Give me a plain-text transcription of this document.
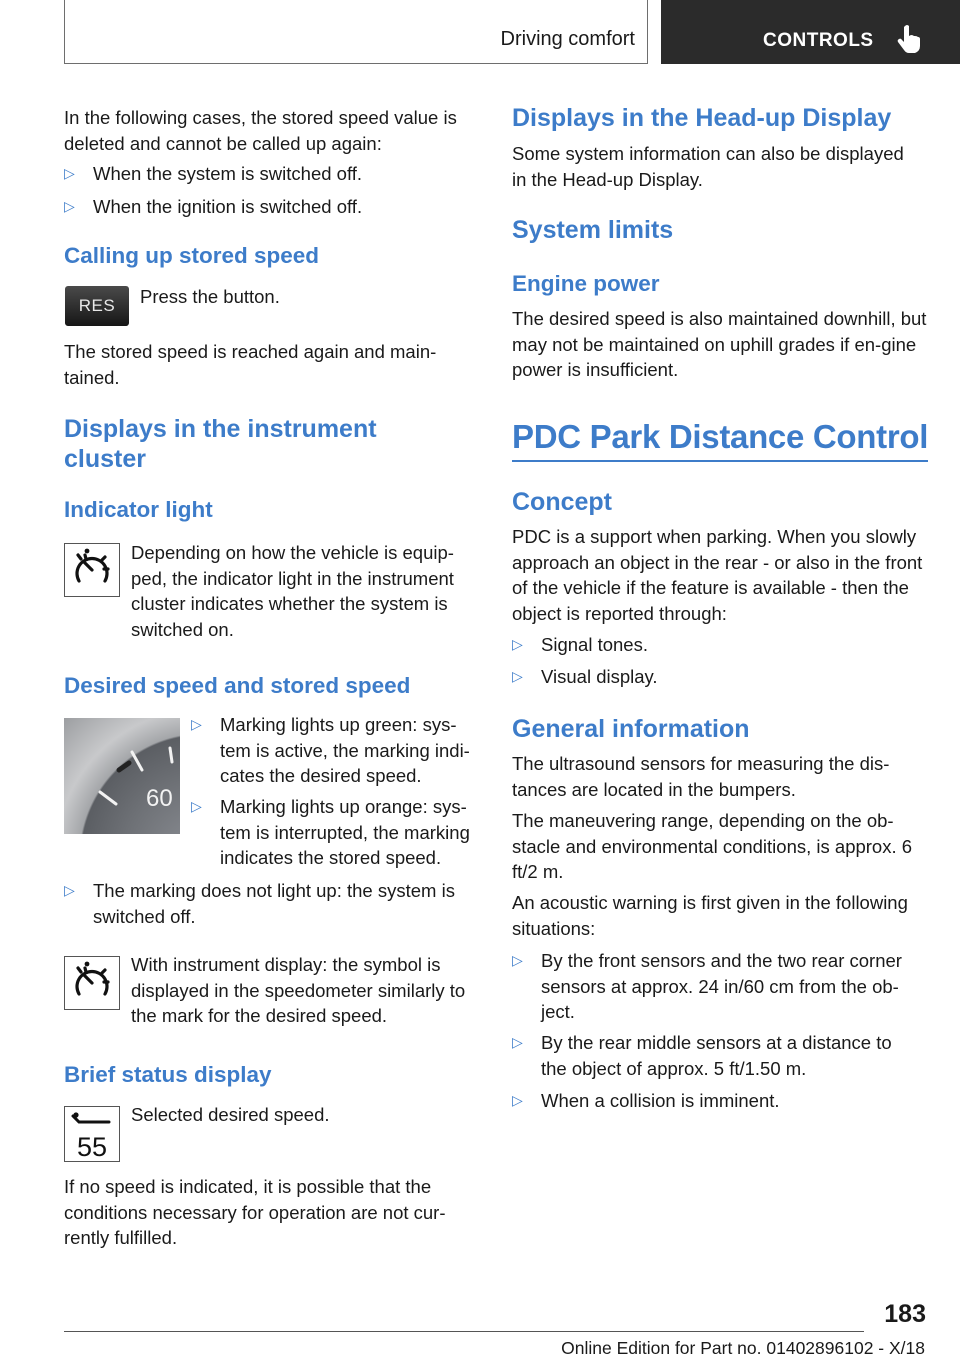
Driving comfort	CONTROLS

In the following cases, the stored speed value is deleted and cannot be called up again:

▷ When the system is switched off.
▷ When the ignition is switched off.
Calling up stored speed
RES	Press the button.

The stored speed is reached again and main-tained.

Displays in the instrument
cluster
Indicator light

Depending on how the vehicle is equip-ped, the indicator light in the instrument cluster indicates whether the system is switched on.

Desired speed and stored speed
60
▷ Marking lights up green: sys-tem is active, the marking indi-cates the desired speed.
▷ Marking lights up orange: sys-tem is interrupted, the marking indicates the stored speed.
▷ The marking does not light up: the system is switched off.

With instrument display: the symbol is displayed in the speedometer similarly to the mark for the desired speed.

Brief status display
55

Selected desired speed.

If no speed is indicated, it is possible that the conditions necessary for operation are not cur-rently fulfilled.

Displays in the Head-up Display

Some system information can also be displayed in the Head-up Display.

System limits
Engine power

The desired speed is also maintained downhill, but may not be maintained on uphill grades if en-gine power is insufficient.

PDC Park Distance Control
Concept

PDC is a support when parking. When you slowly approach an object in the rear - or also in the front of the vehicle if the feature is available - then the object is reported through:

▷ Signal tones.
▷ Visual display.
General information

The ultrasound sensors for measuring the dis-tances are located in the bumpers.

The maneuvering range, depending on the ob-stacle and environmental conditions, is approx. 6 ft/2 m.

An acoustic warning is first given in the following situations:

▷ By the front sensors and the two rear corner sensors at approx. 24 in/60 cm from the ob-ject.
▷ By the rear middle sensors at a distance to the object of approx. 5 ft/1.50 m.
▷ When a collision is imminent.
183
Online Edition for Part no. 01402896102 - X/18
